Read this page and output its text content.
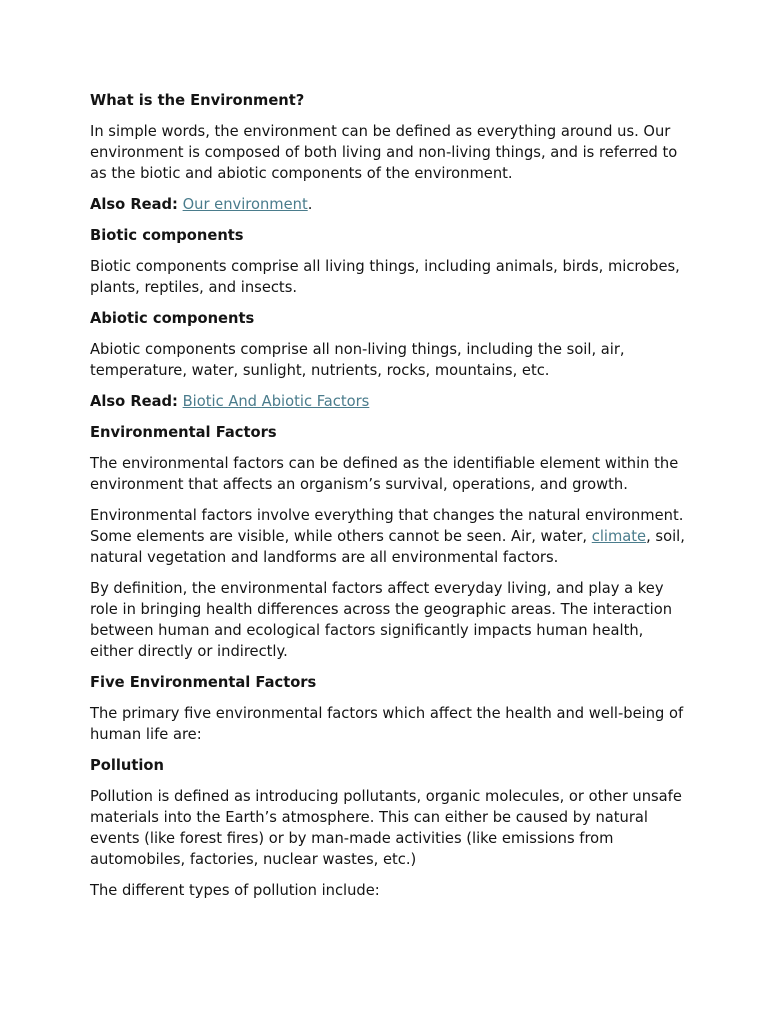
What is the Environment?

In simple words, the environment can be defined as everything around us. Our environment is composed of both living and non-living things, and is referred to as the biotic and abiotic components of the environment.

Also Read: Our environment.

Biotic components

Biotic components comprise all living things, including animals, birds, microbes, plants, reptiles, and insects.

Abiotic components

Abiotic components comprise all non-living things, including the soil, air, temperature, water, sunlight, nutrients, rocks, mountains, etc.

Also Read: Biotic And Abiotic Factors

Environmental Factors

The environmental factors can be defined as the identifiable element within the environment that affects an organism’s survival, operations, and growth.

Environmental factors involve everything that changes the natural environment. Some elements are visible, while others cannot be seen. Air, water, climate, soil, natural vegetation and landforms are all environmental factors.

By definition, the environmental factors affect everyday living, and play a key role in bringing health differences across the geographic areas. The interaction between human and ecological factors significantly impacts human health, either directly or indirectly.

Five Environmental Factors

The primary five environmental factors which affect the health and well-being of human life are:

Pollution

Pollution is defined as introducing pollutants, organic molecules, or other unsafe materials into the Earth’s atmosphere. This can either be caused by natural events (like forest fires) or by man-made activities (like emissions from automobiles, factories, nuclear wastes, etc.)

The different types of pollution include:
